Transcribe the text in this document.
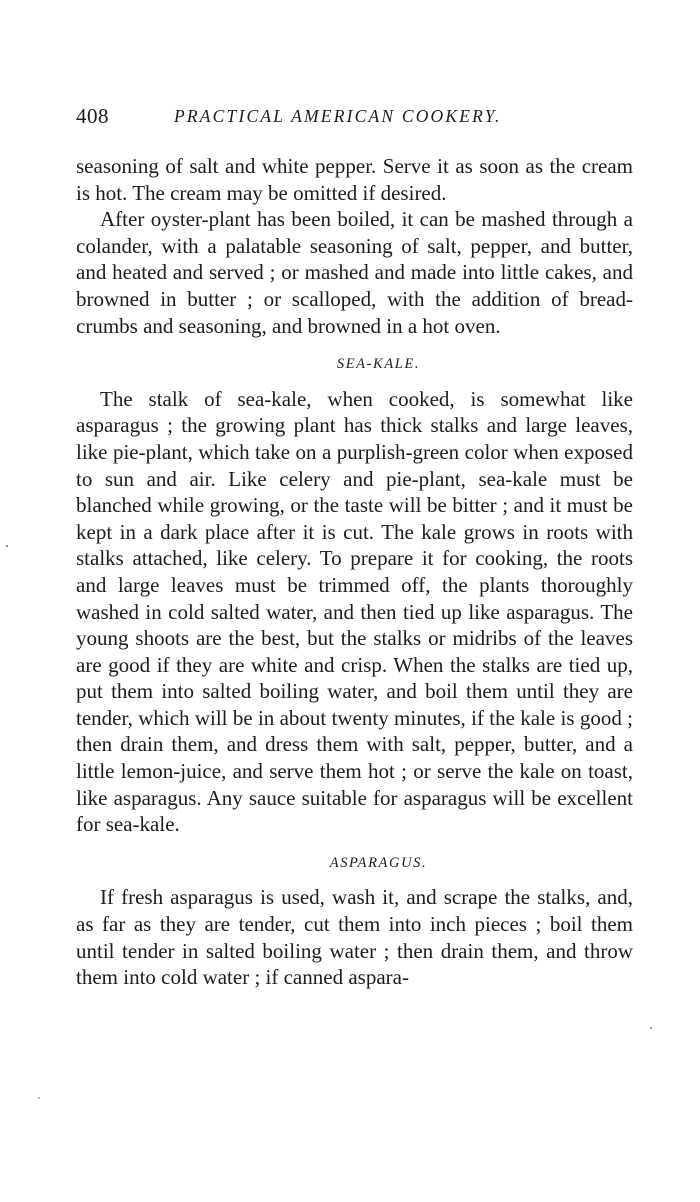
408	PRACTICAL AMERICAN COOKERY.

seasoning of salt and white pepper. Serve it as soon as the cream is hot. The cream may be omitted if desired.

After oyster-plant has been boiled, it can be mashed through a colander, with a palatable seasoning of salt, pepper, and butter, and heated and served ; or mashed and made into little cakes, and browned in butter ; or scalloped, with the addition of bread-crumbs and seasoning, and browned in a hot oven.

SEA-KALE.

The stalk of sea-kale, when cooked, is somewhat like asparagus ; the growing plant has thick stalks and large leaves, like pie-plant, which take on a purplish-green color when exposed to sun and air. Like celery and pie-plant, sea-kale must be blanched while growing, or the taste will be bitter ; and it must be kept in a dark place after it is cut. The kale grows in roots with stalks attached, like celery. To prepare it for cooking, the roots and large leaves must be trimmed off, the plants thoroughly washed in cold salted water, and then tied up like asparagus. The young shoots are the best, but the stalks or midribs of the leaves are good if they are white and crisp. When the stalks are tied up, put them into salted boiling water, and boil them until they are tender, which will be in about twenty minutes, if the kale is good ; then drain them, and dress them with salt, pepper, butter, and a little lemon-juice, and serve them hot ; or serve the kale on toast, like asparagus. Any sauce suitable for asparagus will be excellent for sea-kale.

ASPARAGUS.

If fresh asparagus is used, wash it, and scrape the stalks, and, as far as they are tender, cut them into inch pieces ; boil them until tender in salted boiling water ; then drain them, and throw them into cold water ; if canned aspara-
